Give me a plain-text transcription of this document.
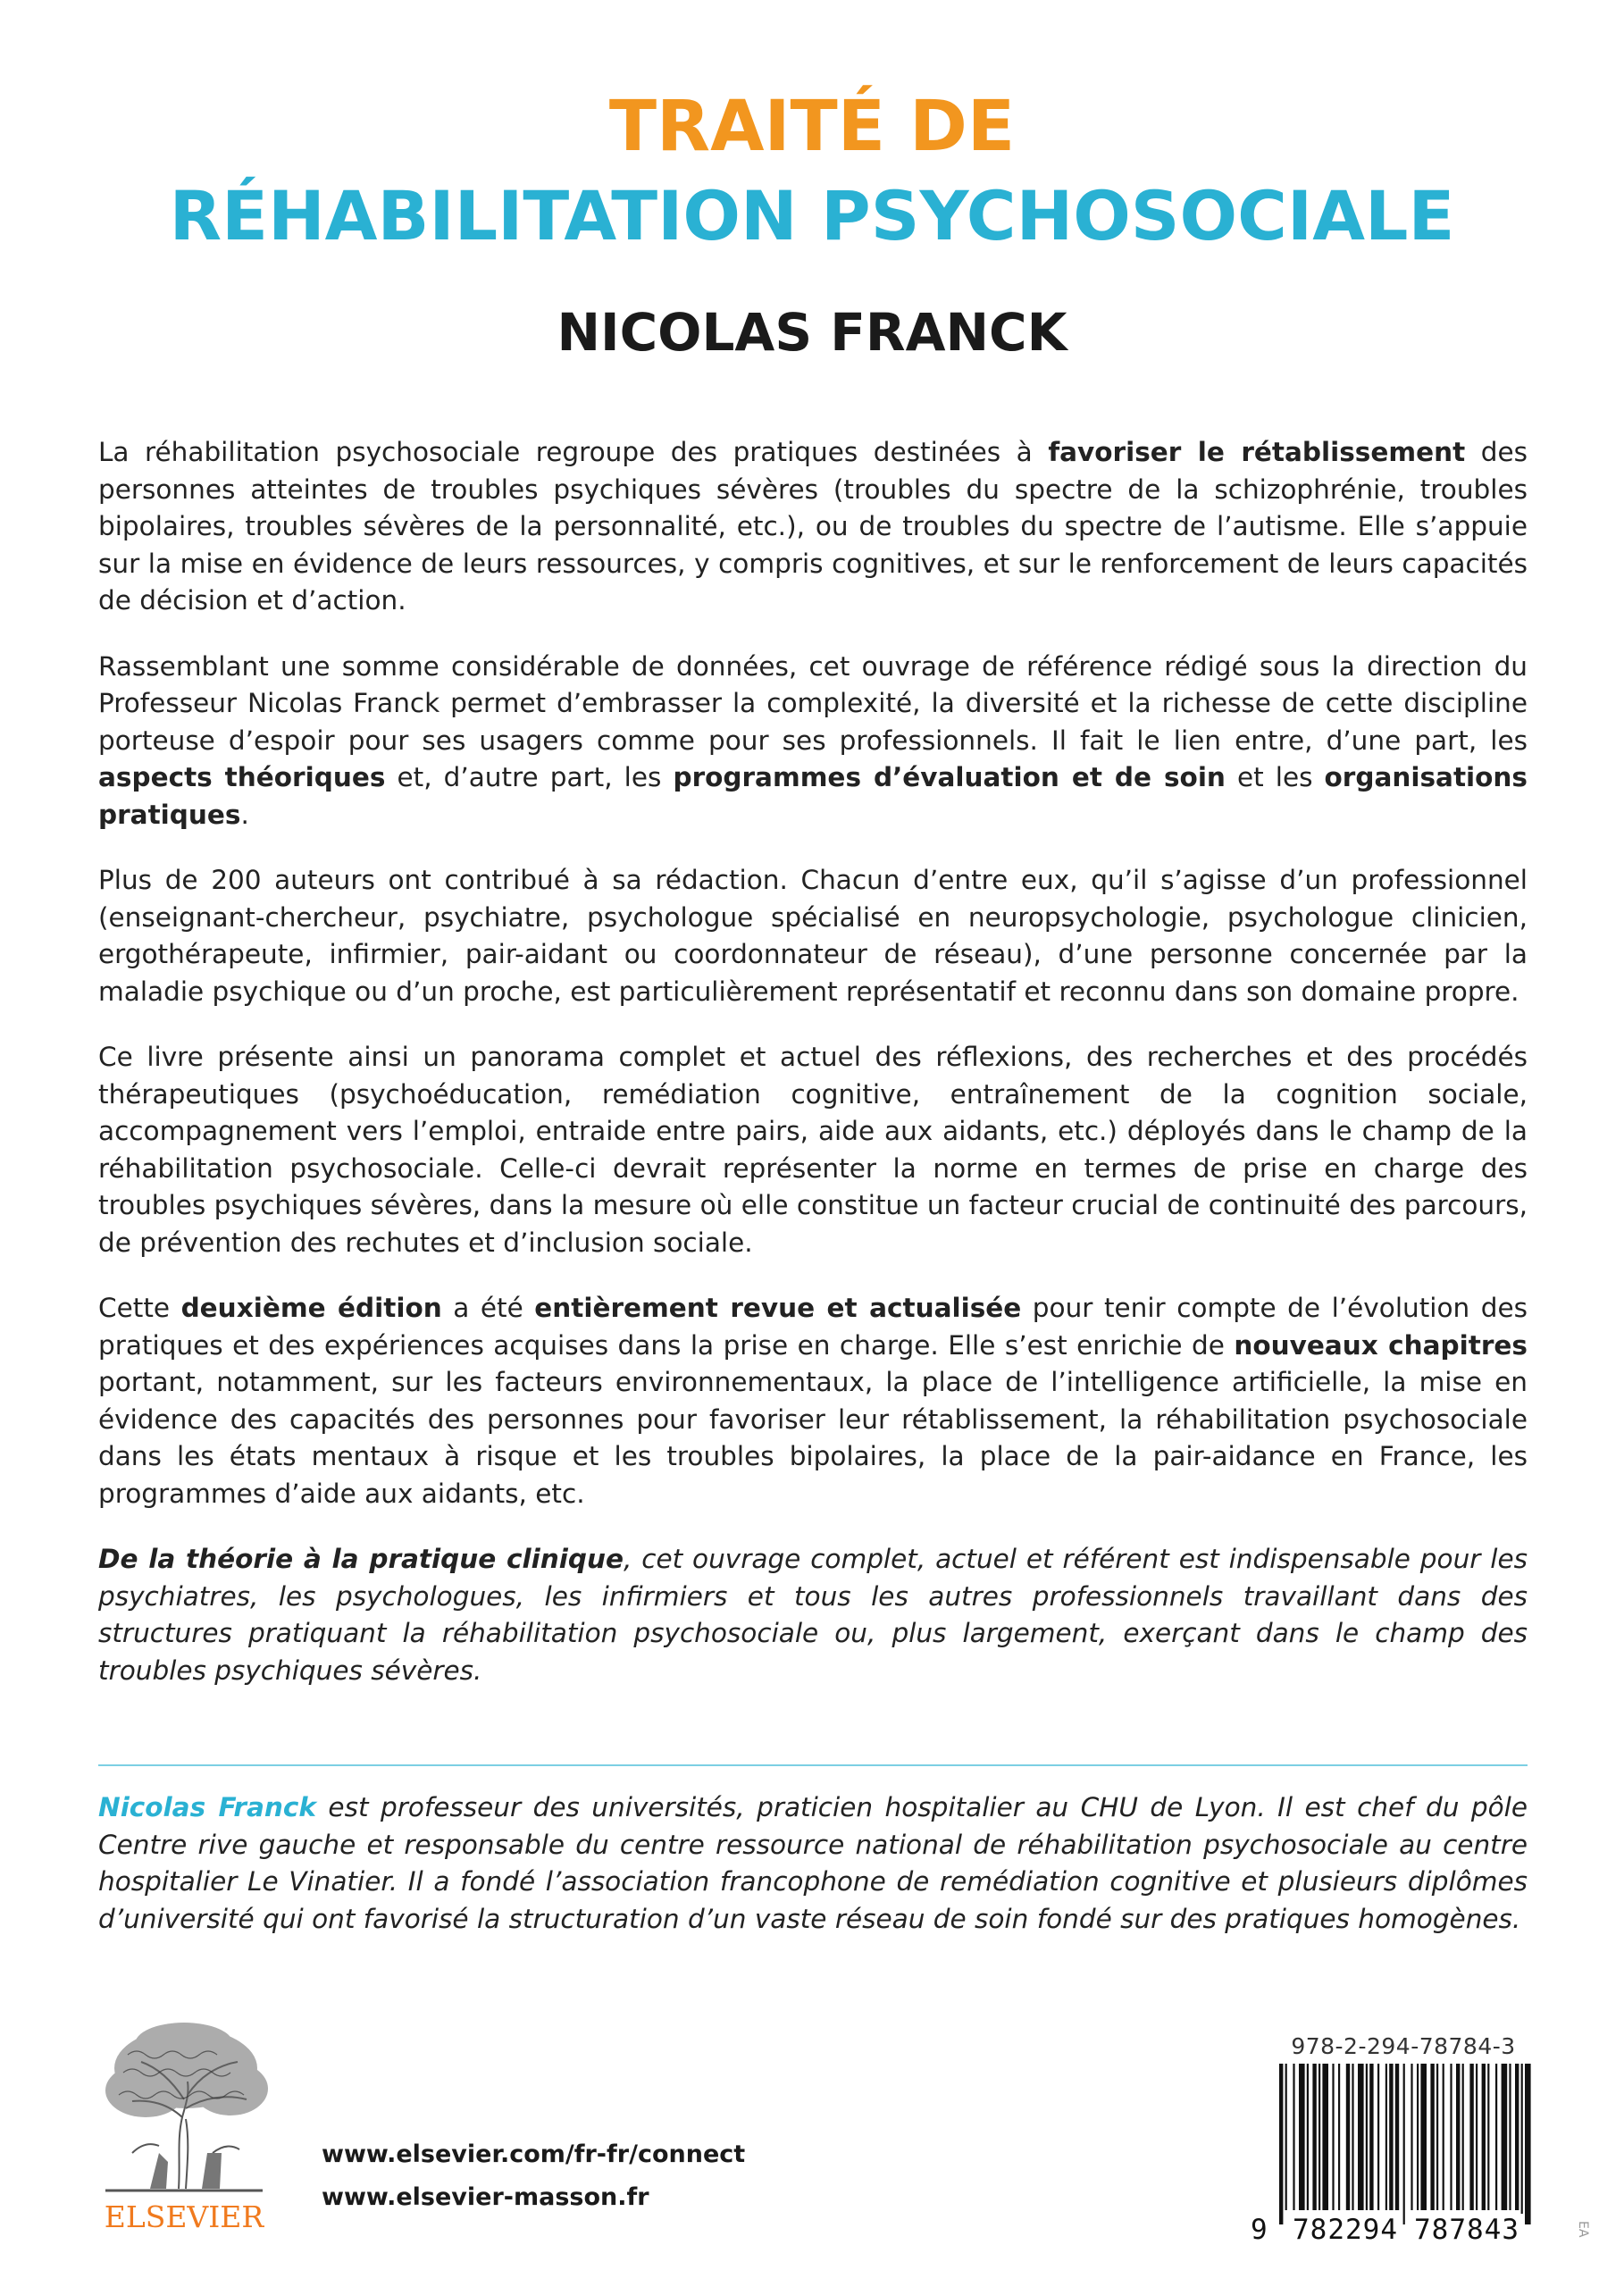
TRAITÉ DE
RÉHABILITATION PSYCHOSOCIALE
NICOLAS FRANCK

La réhabilitation psychosociale regroupe des pratiques destinées à favoriser le rétablissement des personnes atteintes de troubles psychiques sévères (troubles du spectre de la schizophrénie, troubles bipolaires, troubles sévères de la personnalité, etc.), ou de troubles du spectre de l’autisme. Elle s’appuie sur la mise en évidence de leurs ressources, y compris cognitives, et sur le renforcement de leurs capacités de décision et d’action.

Rassemblant une somme considérable de données, cet ouvrage de référence rédigé sous la direction du Professeur Nicolas Franck permet d’embrasser la complexité, la diversité et la richesse de cette discipline porteuse d’espoir pour ses usagers comme pour ses professionnels. Il fait le lien entre, d’une part, les aspects théoriques et, d’autre part, les programmes d’évaluation et de soin et les organisations pratiques.

Plus de 200 auteurs ont contribué à sa rédaction. Chacun d’entre eux, qu’il s’agisse d’un professionnel (enseignant-chercheur, psychiatre, psychologue spécialisé en neuropsychologie, psychologue clinicien, ergothérapeute, infirmier, pair-aidant ou coordonnateur de réseau), d’une personne concernée par la maladie psychique ou d’un proche, est particulièrement représentatif et reconnu dans son domaine propre.

Ce livre présente ainsi un panorama complet et actuel des réflexions, des recherches et des procédés thérapeutiques (psychoéducation, remédiation cognitive, entraînement de la cognition sociale, accompagnement vers l’emploi, entraide entre pairs, aide aux aidants, etc.) déployés dans le champ de la réhabilitation psychosociale. Celle-ci devrait représenter la norme en termes de prise en charge des troubles psychiques sévères, dans la mesure où elle constitue un facteur crucial de continuité des parcours, de prévention des rechutes et d’inclusion sociale.

Cette deuxième édition a été entièrement revue et actualisée pour tenir compte de l’évolution des pratiques et des expériences acquises dans la prise en charge. Elle s’est enrichie de nouveaux chapitres portant, notamment, sur les facteurs environnementaux, la place de l’intelligence artificielle, la mise en évidence des capacités des personnes pour favoriser leur rétablissement, la réhabilitation psychosociale dans les états mentaux à risque et les troubles bipolaires, la place de la pair-aidance en France, les programmes d’aide aux aidants, etc.

De la théorie à la pratique clinique, cet ouvrage complet, actuel et référent est indispensable pour les psychiatres, les psychologues, les infirmiers et tous les autres professionnels travaillant dans des structures pratiquant la réhabilitation psychosociale ou, plus largement, exerçant dans le champ des troubles psychiques sévères.

Nicolas Franck est professeur des universités, praticien hospitalier au CHU de Lyon. Il est chef du pôle Centre rive gauche et responsable du centre ressource national de réhabilitation psychosociale au centre hospitalier Le Vinatier. Il a fondé l’association francophone de remédiation cognitive et plusieurs diplômes d’université qui ont favorisé la structuration d’un vaste réseau de soin fondé sur des pratiques homogènes.

ELSEVIER
www.elsevier.com/fr-fr/connect
www.elsevier-masson.fr
978-2-294-78784-3
9 782294 787843	EA
